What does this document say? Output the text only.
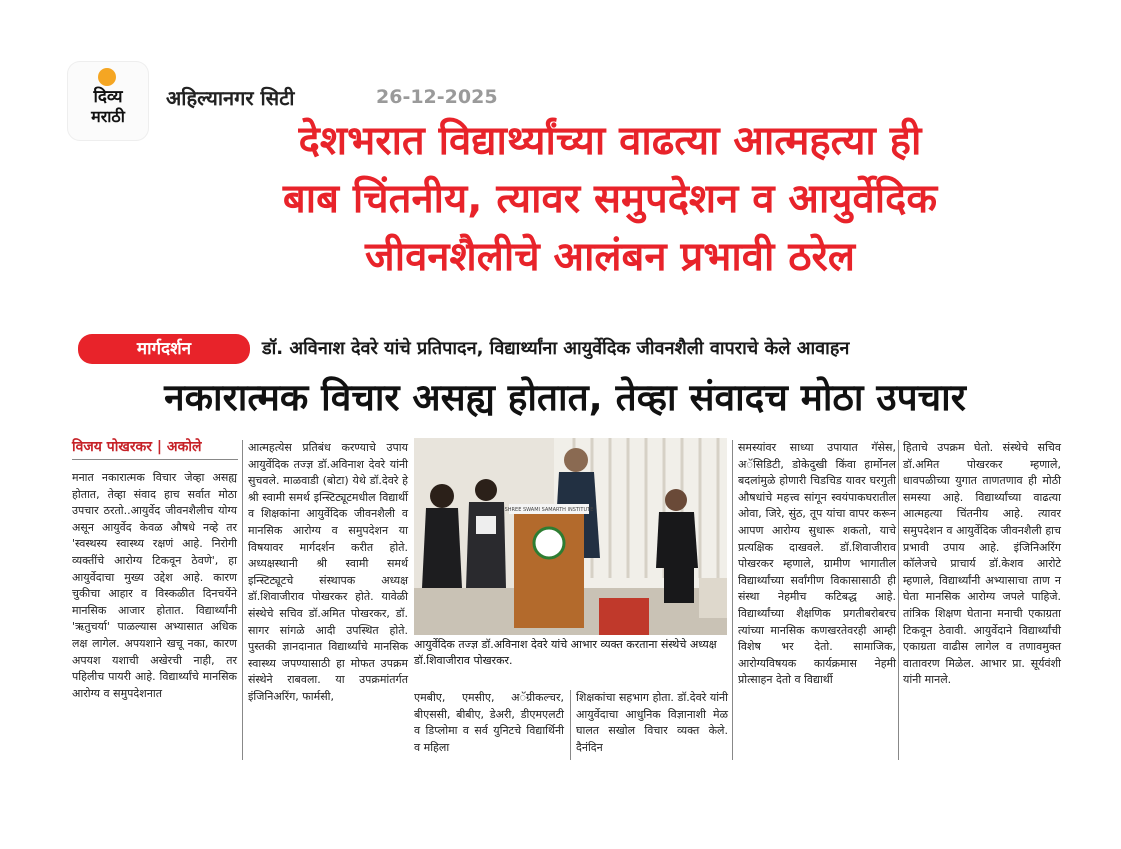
दिव्य
मराठी
अहिल्यानगर सिटी	26-12-2025
देशभरात विद्यार्थ्यांच्या वाढत्या आत्महत्या ही
बाब चिंतनीय, त्यावर समुपदेशन व आयुर्वेदिक
जीवनशैलीचे आलंबन प्रभावी ठरेल
मार्गदर्शन	डॉ. अविनाश देवरे यांचे प्रतिपादन, विद्यार्थ्यांना आयुर्वेदिक जीवनशैली वापराचे केले आवाहन
नकारात्मक विचार असह्य होतात, तेव्हा संवादच मोठा उपचार
विजय पोखरकर | अकोले
मनात नकारात्मक विचार जेव्हा असह्य होतात, तेव्हा संवाद हाच सर्वात मोठा उपचार ठरतो..आयुर्वेद जीवनशैलीच योग्य असून आयुर्वेद केवळ औषधे नव्हे तर 'स्वस्थस्य स्वास्थ्य रक्षणं आहे. निरोगी व्यक्तींचे आरोग्य टिकवून ठेवणे', हा आयुर्वेदाचा मुख्य उद्देश आहे. कारण चुकीचा आहार व विस्कळीत दिनचर्येने मानसिक आजार होतात. विद्यार्थ्यांनी 'ऋतुचर्या' पाळल्यास अभ्यासात अधिक लक्ष लागेल. अपयशाने खचू नका, कारण अपयश यशाची अखेरची नाही, तर पहिलीच पायरी आहे. विद्यार्थ्यांचे मानसिक आरोग्य व समुपदेशनात
आत्महत्येस प्रतिबंध करण्याचे उपाय आयुर्वेदिक तज्ज्ञ डॉ.अविनाश देवरे यांनी सुचवले. माळवाडी (बोटा) येथे डॉ.देवरे हे श्री स्वामी समर्थ इन्स्टिट्यूटमधील विद्यार्थी व शिक्षकांना आयुर्वेदिक जीवनशैली व मानसिक आरोग्य व समुपदेशन या विषयावर मार्गदर्शन करीत होते. अध्यक्षस्थानी श्री स्वामी समर्थ इन्स्टिट्यूटचे संस्थापक अध्यक्ष डॉ.शिवाजीराव पोखरकर होते. यावेळी संस्थेचे सचिव डॉ.अमित पोखरकर, डॉ. सागर सांगळे आदी उपस्थित होते. पुस्तकी ज्ञानदानात विद्यार्थ्यांचे मानसिक स्वास्थ्य जपण्यासाठी हा मोफत उपक्रम संस्थेने राबवला. या उपक्रमांतर्गत इंजिनिअरिंग, फार्मसी,
SHREE SWAMI SAMARTH INSTITUTE
आयुर्वेदिक तज्ज्ञ डॉ.अविनाश देवरे यांचे आभार व्यक्त करताना संस्थेचे अध्यक्ष डॉ.शिवाजीराव पोखरकर.
एमबीए, एमसीए, अॅग्रीकल्चर, बीएससी, बीबीए, डेअरी, डीएमएलटी व डिप्लोमा व सर्व युनिटचे विद्यार्थिनी व महिला
शिक्षकांचा सहभाग होता. डॉ.देवरे यांनी आयुर्वेदाचा आधुनिक विज्ञानाशी मेळ घालत सखोल विचार व्यक्त केले. दैनंदिन
समस्यांवर साध्या उपायात गॅसेस, अॅसिडिटी, डोकेदुखी किंवा हार्मोनल बदलांमुळे होणारी चिडचिड यावर घरगुती औषधांचे महत्त्व सांगून स्वयंपाकघरातील ओवा, जिरे, सुंठ, तूप यांचा वापर करून आपण आरोग्य सुधारू शकतो, याचे प्रत्यक्षिक दाखवले. डॉ.शिवाजीराव पोखरकर म्हणाले, ग्रामीण भागातील विद्यार्थ्यांच्या सर्वांगीण विकासासाठी ही संस्था नेहमीच कटिबद्ध आहे. विद्यार्थ्यांच्या शैक्षणिक प्रगतीबरोबरच त्यांच्या मानसिक कणखरतेवरही आम्ही विशेष भर देतो. सामाजिक, आरोग्यविषयक कार्यक्रमास नेहमी प्रोत्साहन देतो व विद्यार्थी
हिताचे उपक्रम घेतो. संस्थेचे सचिव डॉ.अमित पोखरकर म्हणाले, धावपळीच्या युगात ताणतणाव ही मोठी समस्या आहे. विद्यार्थ्यांच्या वाढत्या आत्महत्या चिंतनीय आहे. त्यावर समुपदेशन व आयुर्वेदिक जीवनशैली हाच प्रभावी उपाय आहे. इंजिनिअरिंग कॉलेजचे प्राचार्य डॉ.केशव आरोटे म्हणाले, विद्यार्थ्यांनी अभ्यासाचा ताण न घेता मानसिक आरोग्य जपले पाहिजे. तांत्रिक शिक्षण घेताना मनाची एकाग्रता टिकवून ठेवावी. आयुर्वेदाने विद्यार्थ्यांची एकाग्रता वाढीस लागेल व तणावमुक्त वातावरण मिळेल. आभार प्रा. सूर्यवंशी यांनी मानले.
